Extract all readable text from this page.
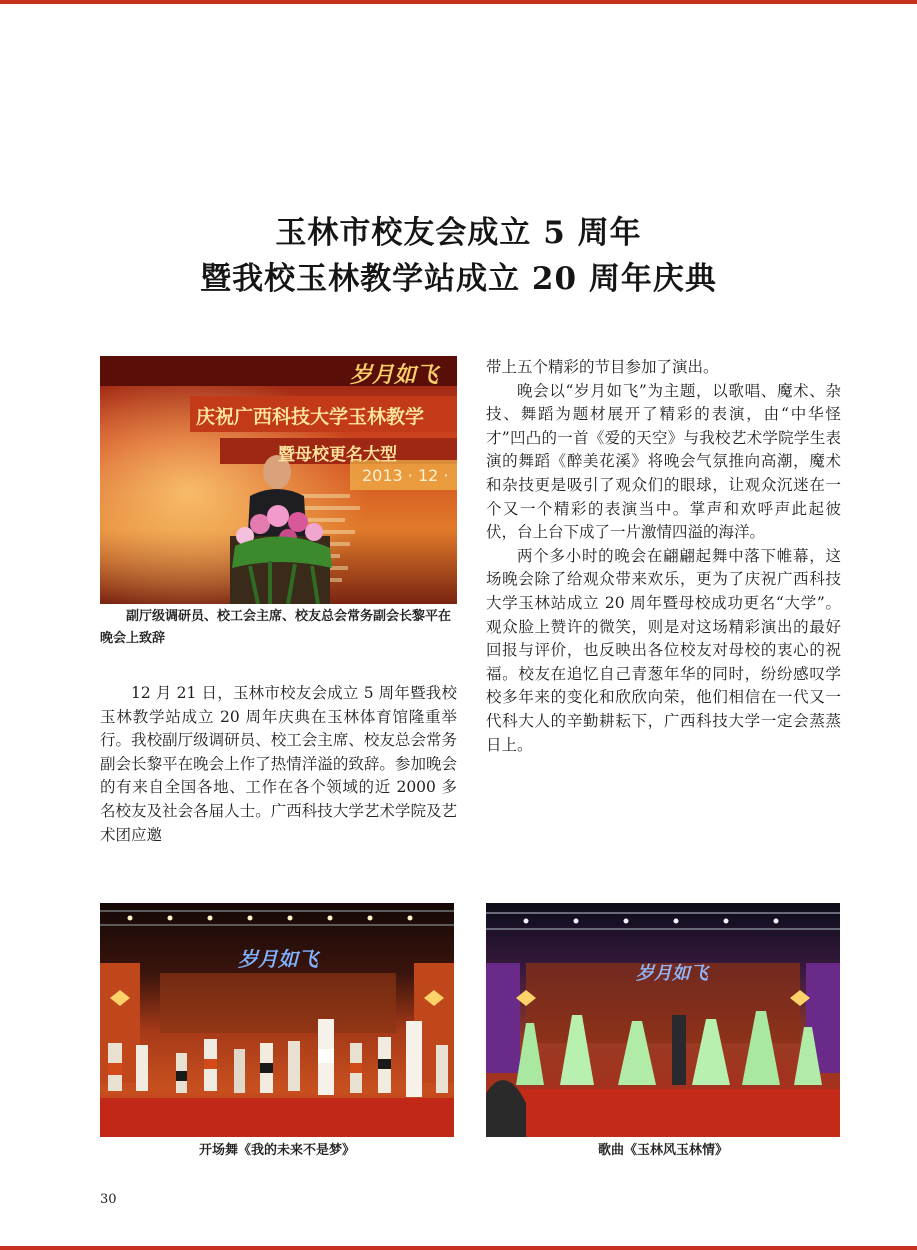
玉林市校友会成立 5 周年
暨我校玉林教学站成立 20 周年庆典
岁月如飞
庆祝广西科技大学玉林教学
暨母校更名大型
2013 · 12 ·
副厅级调研员、校工会主席、校友总会常务副会长黎平在晚会上致辞

12 月 21 日，玉林市校友会成立 5 周年暨我校玉林教学站成立 20 周年庆典在玉林体育馆隆重举行。我校副厅级调研员、校工会主席、校友总会常务副会长黎平在晚会上作了热情洋溢的致辞。参加晚会的有来自全国各地、工作在各个领域的近 2000 多名校友及社会各届人士。广西科技大学艺术学院及艺术团应邀

带上五个精彩的节目参加了演出。

晚会以“岁月如飞”为主题，以歌唱、魔术、杂技、舞蹈为题材展开了精彩的表演，由“中华怪才”凹凸的一首《爱的天空》与我校艺术学院学生表演的舞蹈《醉美花溪》将晚会气氛推向高潮，魔术和杂技更是吸引了观众们的眼球，让观众沉迷在一个又一个精彩的表演当中。掌声和欢呼声此起彼伏，台上台下成了一片激情四溢的海洋。

两个多小时的晚会在翩翩起舞中落下帷幕，这场晚会除了给观众带来欢乐，更为了庆祝广西科技大学玉林站成立 20 周年暨母校成功更名“大学”。观众脸上赞许的微笑，则是对这场精彩演出的最好回报与评价，也反映出各位校友对母校的衷心的祝福。校友在追忆自己青葱年华的同时，纷纷感叹学校多年来的变化和欣欣向荣，他们相信在一代又一代科大人的辛勤耕耘下，广西科技大学一定会蒸蒸日上。

岁月如飞
开场舞《我的未来不是梦》
岁月如飞
歌曲《玉林风玉林情》
30
